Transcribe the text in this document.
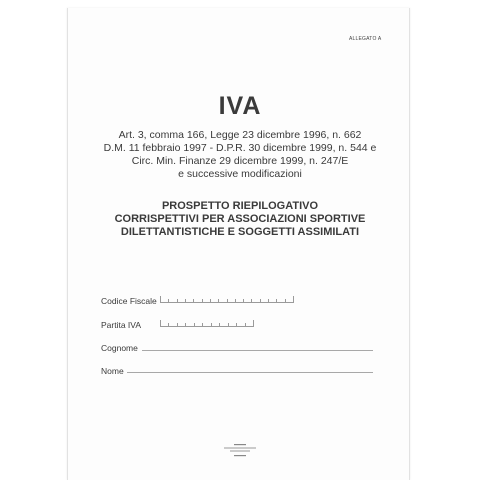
ALLEGATO A
IVA
Art. 3, comma 166, Legge 23 dicembre 1996, n. 662
D.M. 11 febbraio 1997 - D.P.R. 30 dicembre 1999, n. 544 e
Circ. Min. Finanze 29 dicembre 1999, n. 247/E
e successive modificazioni
PROSPETTO RIEPILOGATIVO
CORRISPETTIVI PER ASSOCIAZIONI SPORTIVE
DILETTANTISTICHE E SOGGETTI ASSIMILATI
Codice Fiscale
Partita IVA
Cognome
Nome
